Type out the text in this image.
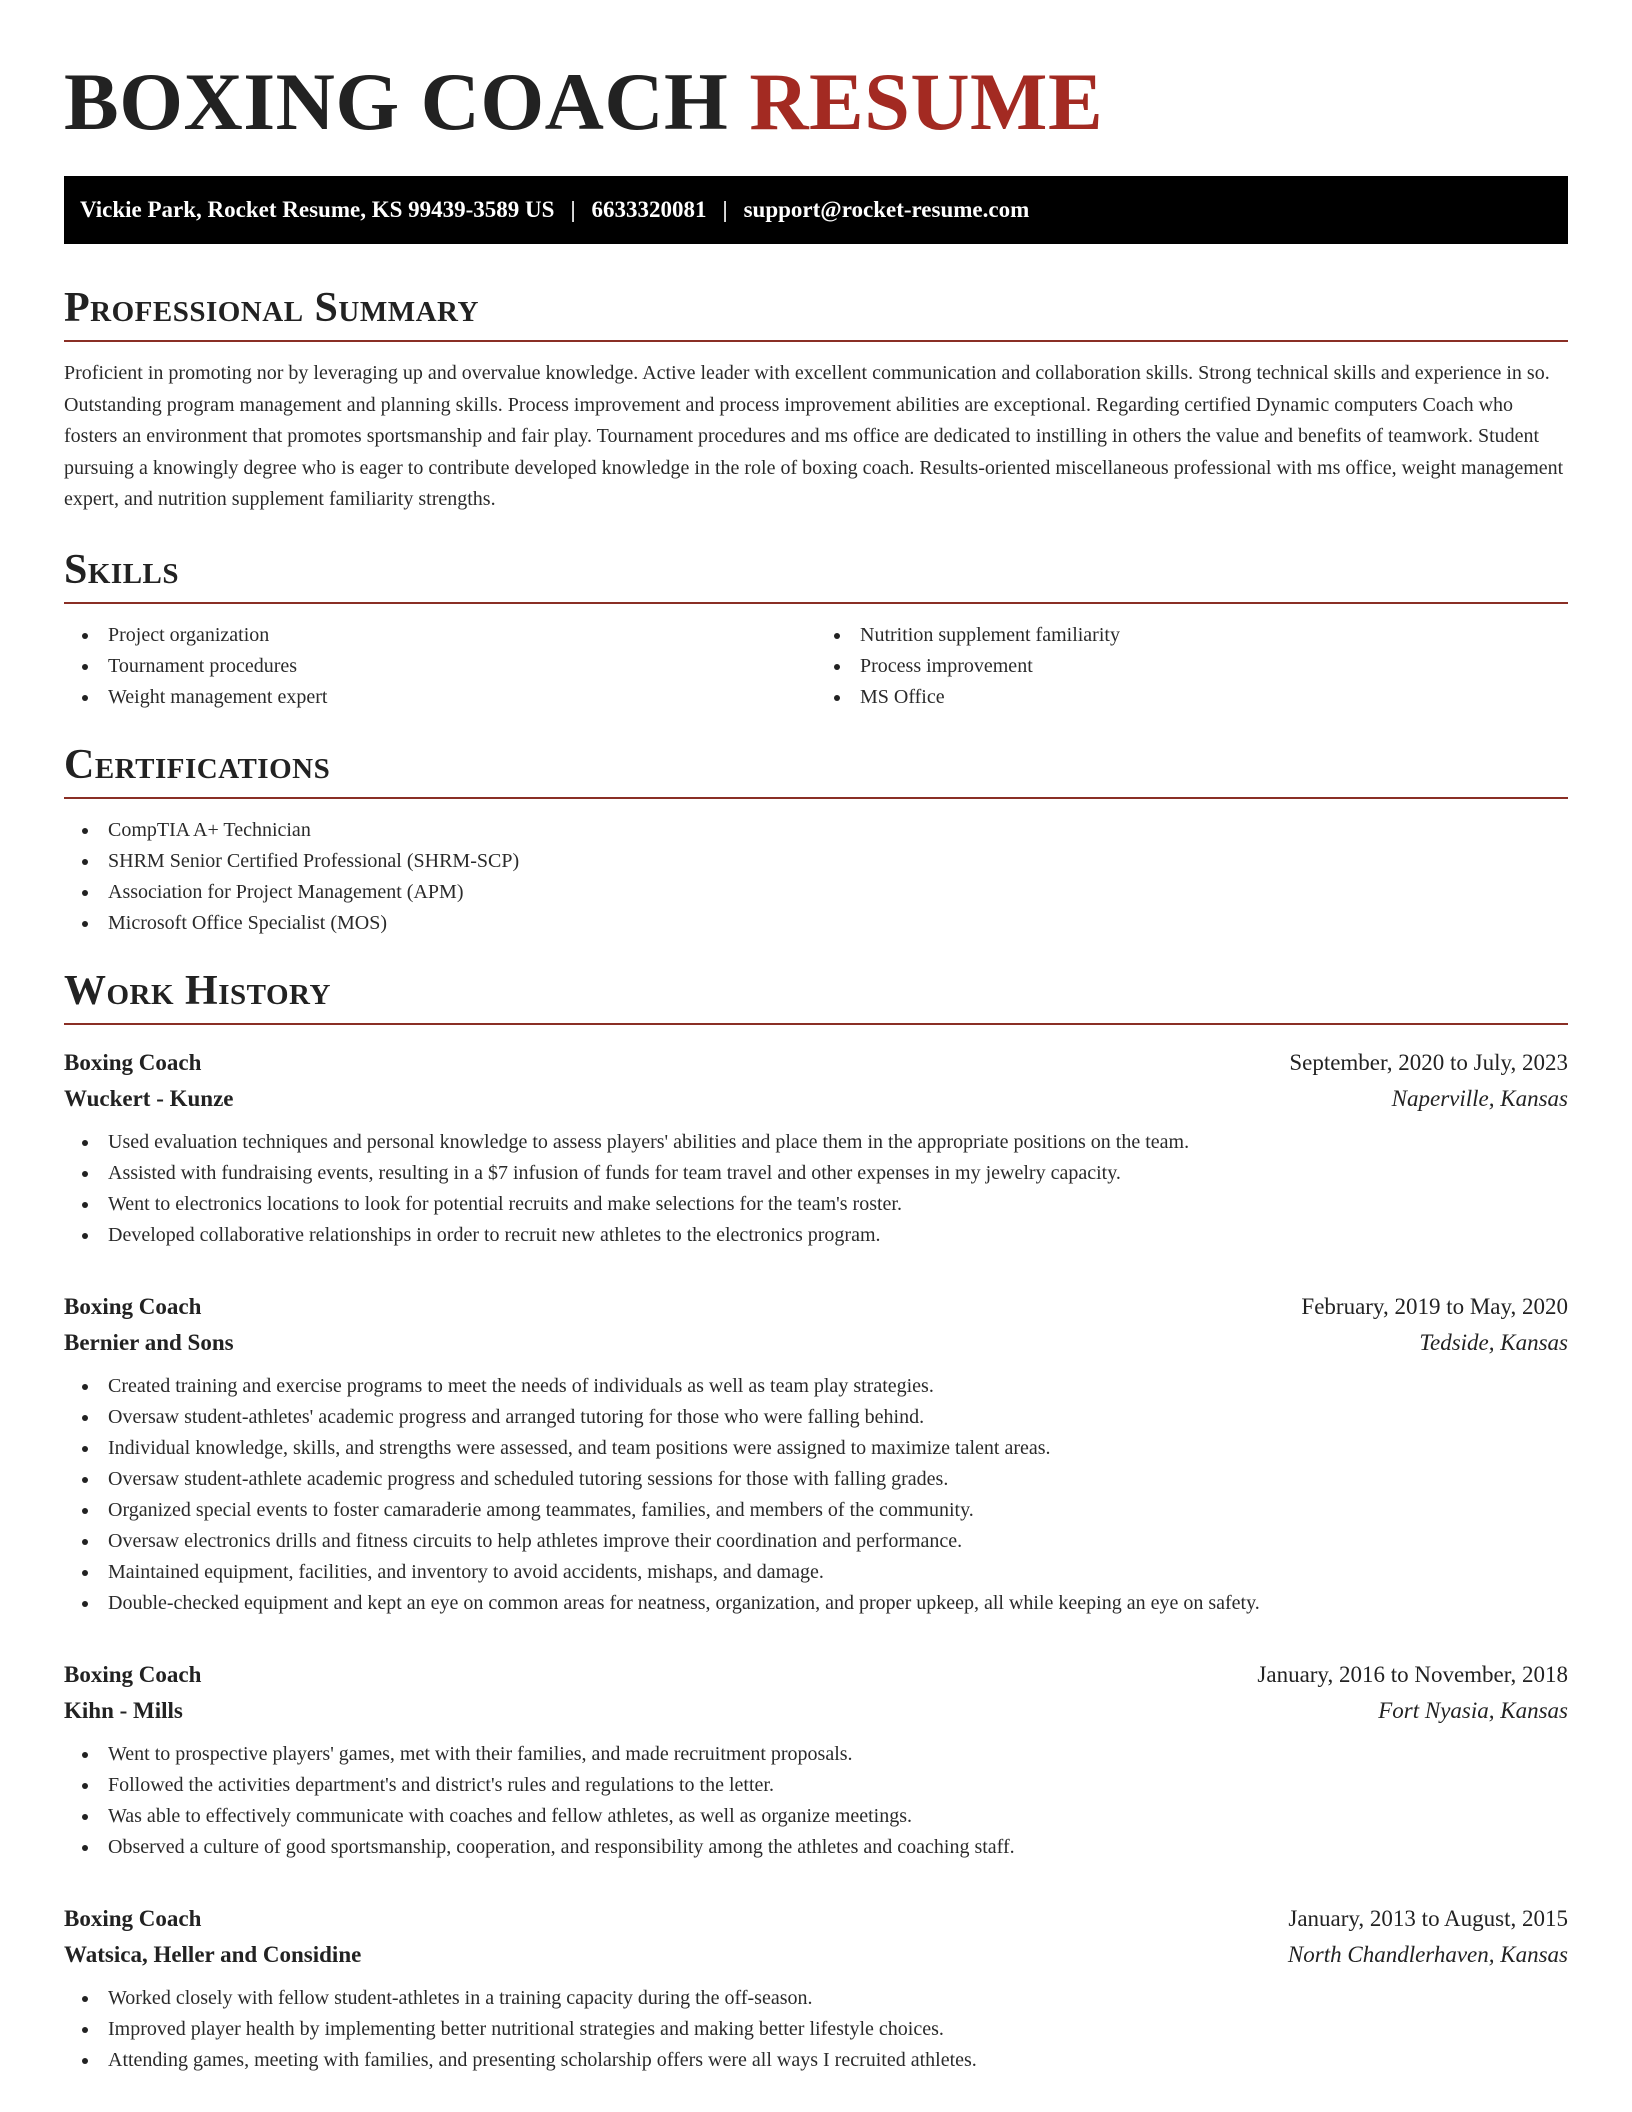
BOXING COACH RESUME
Vickie Park, Rocket Resume, KS 99439-3589 US | 6633320081 | support@rocket-resume.com
Professional Summary

Proficient in promoting nor by leveraging up and overvalue knowledge. Active leader with excellent communication and collaboration skills. Strong technical skills and experience in so. Outstanding program management and planning skills. Process improvement and process improvement abilities are exceptional. Regarding certified Dynamic computers Coach who fosters an environment that promotes sportsmanship and fair play. Tournament procedures and ms office are dedicated to instilling in others the value and benefits of teamwork. Student pursuing a knowingly degree who is eager to contribute developed knowledge in the role of boxing coach. Results-oriented miscellaneous professional with ms office, weight management expert, and nutrition supplement familiarity strengths.

Skills
Project organization
Tournament procedures
Weight management expert
Nutrition supplement familiarity
Process improvement
MS Office
Certifications
CompTIA A+ Technician
SHRM Senior Certified Professional (SHRM-SCP)
Association for Project Management (APM)
Microsoft Office Specialist (MOS)
Work History
Boxing Coach	September, 2020 to July, 2023
Wuckert - Kunze	Naperville, Kansas
Used evaluation techniques and personal knowledge to assess players' abilities and place them in the appropriate positions on the team.
Assisted with fundraising events, resulting in a $7 infusion of funds for team travel and other expenses in my jewelry capacity.
Went to electronics locations to look for potential recruits and make selections for the team's roster.
Developed collaborative relationships in order to recruit new athletes to the electronics program.
Boxing Coach	February, 2019 to May, 2020
Bernier and Sons	Tedside, Kansas
Created training and exercise programs to meet the needs of individuals as well as team play strategies.
Oversaw student-athletes' academic progress and arranged tutoring for those who were falling behind.
Individual knowledge, skills, and strengths were assessed, and team positions were assigned to maximize talent areas.
Oversaw student-athlete academic progress and scheduled tutoring sessions for those with falling grades.
Organized special events to foster camaraderie among teammates, families, and members of the community.
Oversaw electronics drills and fitness circuits to help athletes improve their coordination and performance.
Maintained equipment, facilities, and inventory to avoid accidents, mishaps, and damage.
Double-checked equipment and kept an eye on common areas for neatness, organization, and proper upkeep, all while keeping an eye on safety.
Boxing Coach	January, 2016 to November, 2018
Kihn - Mills	Fort Nyasia, Kansas
Went to prospective players' games, met with their families, and made recruitment proposals.
Followed the activities department's and district's rules and regulations to the letter.
Was able to effectively communicate with coaches and fellow athletes, as well as organize meetings.
Observed a culture of good sportsmanship, cooperation, and responsibility among the athletes and coaching staff.
Boxing Coach	January, 2013 to August, 2015
Watsica, Heller and Considine	North Chandlerhaven, Kansas
Worked closely with fellow student-athletes in a training capacity during the off-season.
Improved player health by implementing better nutritional strategies and making better lifestyle choices.
Attending games, meeting with families, and presenting scholarship offers were all ways I recruited athletes.
